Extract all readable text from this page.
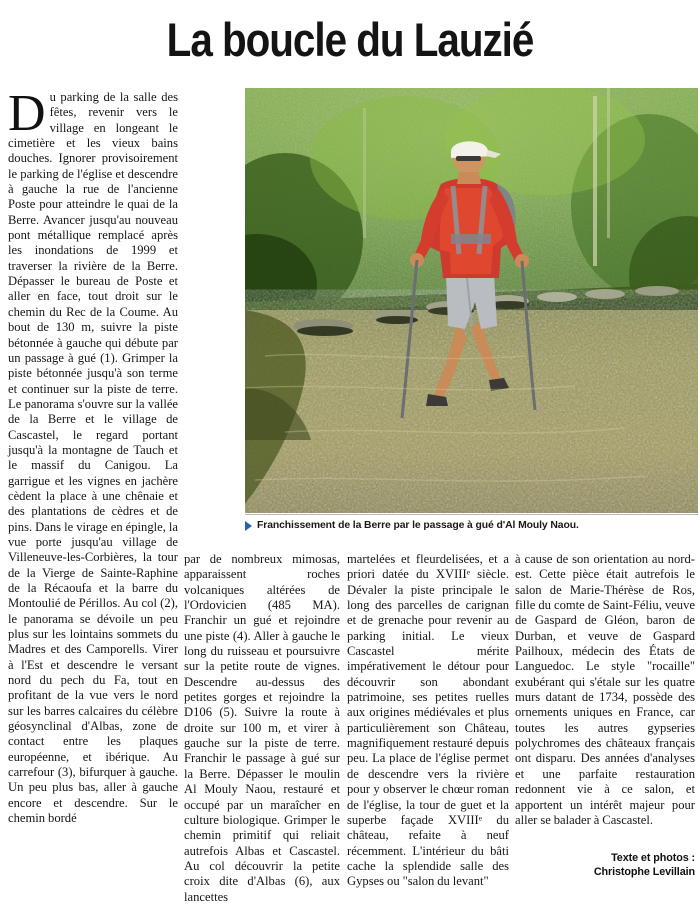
La boucle du Lauzié
Franchissement de la Berre par le passage à gué d'Al Mouly Naou.

Du parking de la salle des fêtes, revenir vers le village en longeant le cimetière et les vieux bains douches. Ignorer provisoirement le parking de l'église et descendre à gauche la rue de l'ancienne Poste pour atteindre le quai de la Berre. Avancer jusqu'au nouveau pont métallique remplacé après les inondations de 1999 et traverser la rivière de la Berre. Dépasser le bureau de Poste et aller en face, tout droit sur le chemin du Rec de la Coume. Au bout de 130 m, suivre la piste bétonnée à gauche qui débute par un passage à gué (1). Grimper la piste bétonnée jusqu'à son terme et continuer sur la piste de terre. Le panorama s'ouvre sur la vallée de la Berre et le village de Cascastel, le regard portant jusqu'à la montagne de Tauch et le massif du Canigou. La garrigue et les vignes en jachère cèdent la place à une chênaie et des plantations de cèdres et de pins. Dans le virage en épingle, la vue porte jusqu'au village de Villeneuve-les-Corbières, la tour de la Vierge de Sainte-Raphine de la Récaoufa et la barre du Montoulié de Périllos. Au col (2), le panorama se dévoile un peu plus sur les lointains sommets du Madres et des Camporells. Virer à l'Est et descendre le versant nord du pech du Fa, tout en profitant de la vue vers le nord sur les barres calcaires du célèbre géosynclinal d'Albas, zone de contact entre les plaques européenne, et ibérique. Au carrefour (3), bifurquer à gauche. Un peu plus bas, aller à gauche encore et descendre. Sur le chemin bordé

par de nombreux mimosas, apparaissent roches volcaniques altérées de l'Ordovicien (485 MA). Franchir un gué et rejoindre une piste (4). Aller à gauche le long du ruisseau et poursuivre sur la petite route de vignes. Descendre au-dessus des petites gorges et rejoindre la D106 (5). Suivre la route à droite sur 100 m, et virer à gauche sur la piste de terre. Franchir le passage à gué sur la Berre. Dépasser le moulin Al Mouly Naou, restauré et occupé par un maraîcher en culture biologique. Grimper le chemin primitif qui reliait autrefois Albas et Cascastel. Au col découvrir la petite croix dite d'Albas (6), aux lancettes

martelées et fleurdelisées, et a priori datée du XVIIIᵉ siècle. Dévaler la piste principale le long des parcelles de carignan et de grenache pour revenir au parking initial. Le vieux Cascastel mérite impérativement le détour pour découvrir son abondant patrimoine, ses petites ruelles aux origines médiévales et plus particulièrement son Château, magnifiquement restauré depuis peu. La place de l'église permet de descendre vers la rivière pour y observer le chœur roman de l'église, la tour de guet et la superbe façade XVIIIᵉ du château, refaite à neuf récemment. L'intérieur du bâti cache la splendide salle des Gypses ou "salon du levant"

à cause de son orientation au nord-est. Cette pièce était autrefois le salon de Marie-Thérèse de Ros, fille du comte de Saint-Féliu, veuve de Gaspard de Gléon, baron de Durban, et veuve de Gaspard Pailhoux, médecin des États de Languedoc. Le style "rocaille" exubérant qui s'étale sur les quatre murs datant de 1734, possède des ornements uniques en France, car toutes les autres gypseries polychromes des châteaux français ont disparu. Des années d'analyses et une parfaite restauration redonnent vie à ce salon, et apportent un intérêt majeur pour aller se balader à Cascastel.

Texte et photos :
Christophe Levillain
